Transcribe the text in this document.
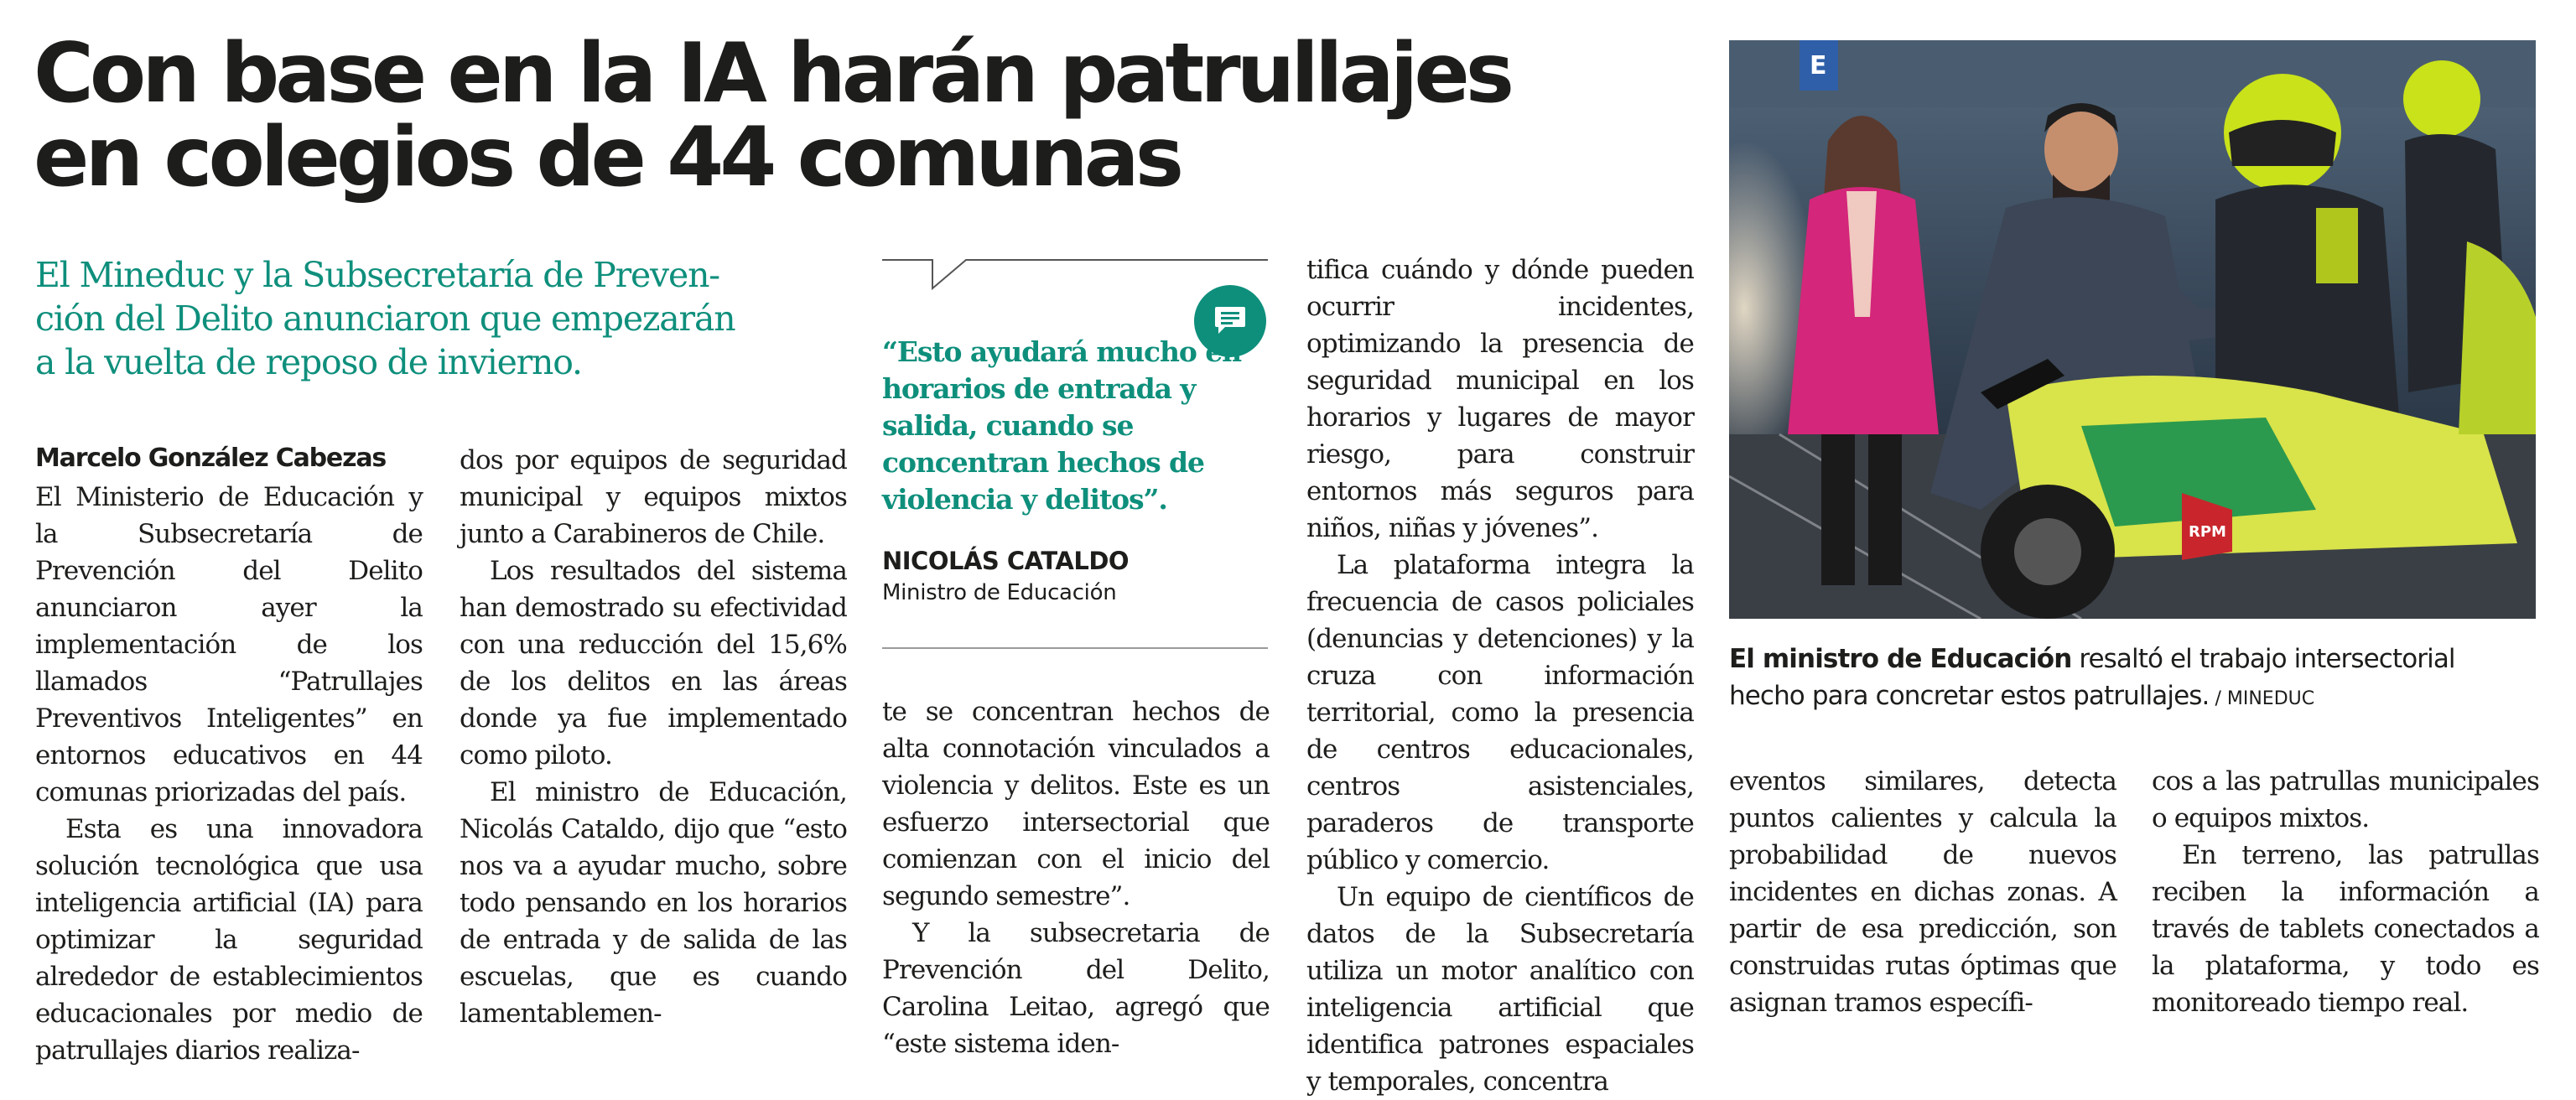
Con base en la IA harán patrullajes
en colegios de 44 comunas
El Mineduc y la Subsecretaría de Preven-
ción del Delito anunciaron que empezarán
a la vuelta de reposo de invierno.
Marcelo González Cabezas

El Ministerio de Educación y la Subsecretaría de Prevención del Delito anunciaron ayer la implementación de los llamados “Patrullajes Preventivos Inteligentes” en entornos educativos en 44 comunas priorizadas del país.

Esta es una innovadora solución tecnológica que usa inteligencia artificial (IA) para optimizar la seguridad alrededor de establecimientos educacionales por medio de patrullajes diarios realiza-

dos por equipos de seguridad municipal y equipos mixtos junto a Carabineros de Chile.

Los resultados del sistema han demostrado su efectividad con una reducción del 15,6% de los delitos en las áreas donde ya fue implementado como piloto.

El ministro de Educación, Nicolás Cataldo, dijo que “esto nos va a ayudar mucho, sobre todo pensando en los horarios de entrada y de salida de las escuelas, que es cuando lamentablemen-

“Esto ayudará mucho en horarios de entrada y salida, cuando se concentran hechos de violencia y delitos”.
NICOLÁS CATALDO
Ministro de Educación

te se concentran hechos de alta connotación vinculados a violencia y delitos. Este es un esfuerzo intersectorial que comienzan con el inicio del segundo semestre”.

Y la subsecretaria de Prevención del Delito, Carolina Leitao, agregó que “este sistema iden-

tifica cuándo y dónde pueden ocurrir incidentes, optimizando la presencia de seguridad municipal en los horarios y lugares de mayor riesgo, para construir entornos más seguros para niños, niñas y jóvenes”.

La plataforma integra la frecuencia de casos policiales (denuncias y detenciones) y la cruza con información territorial, como la presencia de centros educacionales, centros asistenciales, paraderos de transporte público y comercio.

Un equipo de científicos de datos de la Subsecretaría utiliza un motor analítico con inteligencia artificial que identifica patrones espaciales y temporales, concentra

E
RPM
El ministro de Educación resaltó el trabajo intersectorial hecho para concretar estos patrullajes. / MINEDUC

eventos similares, detecta puntos calientes y calcula la probabilidad de nuevos incidentes en dichas zonas. A partir de esa predicción, son construidas rutas óptimas que asignan tramos específi-

cos a las patrullas municipales o equipos mixtos.

En terreno, las patrullas reciben la información a través de tablets conectados a la plataforma, y todo es monitoreado tiempo real.
